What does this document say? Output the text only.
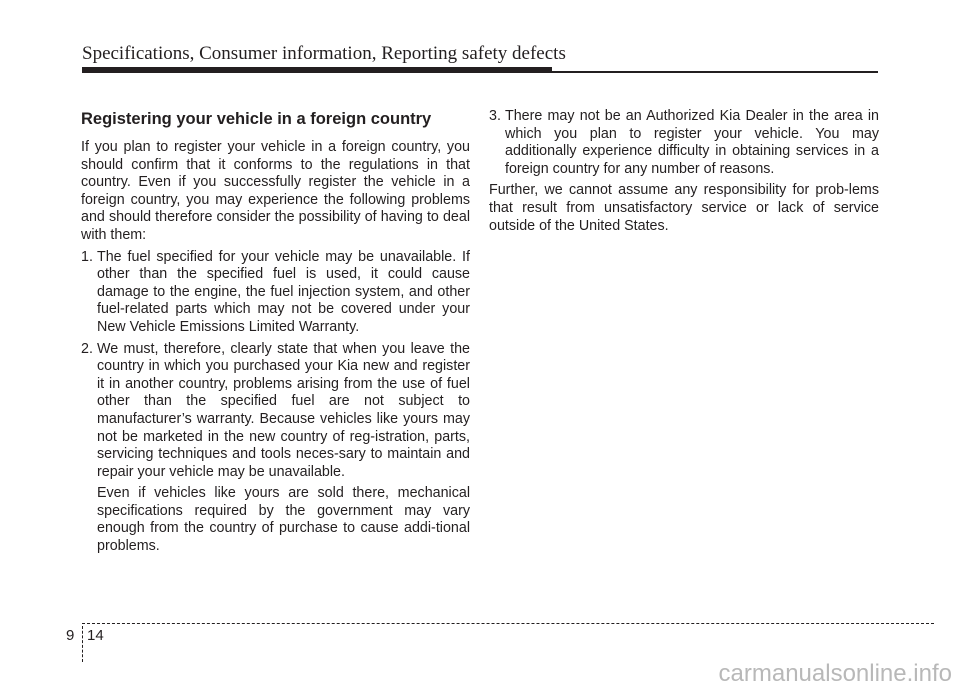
Specifications, Consumer information, Reporting safety defects
Registering your vehicle in a foreign country

If you plan to register your vehicle in a foreign country, you should confirm that it conforms to the regulations in that country. Even if you successfully register the vehicle in a foreign country, you may experience the following problems and should therefore consider the possibility of having to deal with them:

1. The fuel specified for your vehicle may be unavailable. If other than the specified fuel is used, it could cause damage to the engine, the fuel injection system, and other fuel-related parts which may not be covered under your New Vehicle Emissions Limited Warranty.
2. We must, therefore, clearly state that when you leave the country in which you purchased your Kia new and register it in another country, problems arising from the use of fuel other than the specified fuel are not subject to manufacturer’s warranty. Because vehicles like yours may not be marketed in the new country of reg-istration, parts, servicing techniques and tools neces-sary to maintain and repair your vehicle may be unavailable.

Even if vehicles like yours are sold there, mechanical specifications required by the government may vary enough from the country of purchase to cause addi-tional problems.

3. There may not be an Authorized Kia Dealer in the area in which you plan to register your vehicle. You may additionally experience difficulty in obtaining services in a foreign country for any number of reasons.

Further, we cannot assume any responsibility for prob-lems that result from unsatisfactory service or lack of service outside of the United States.

9 14
carmanualsonline.info
